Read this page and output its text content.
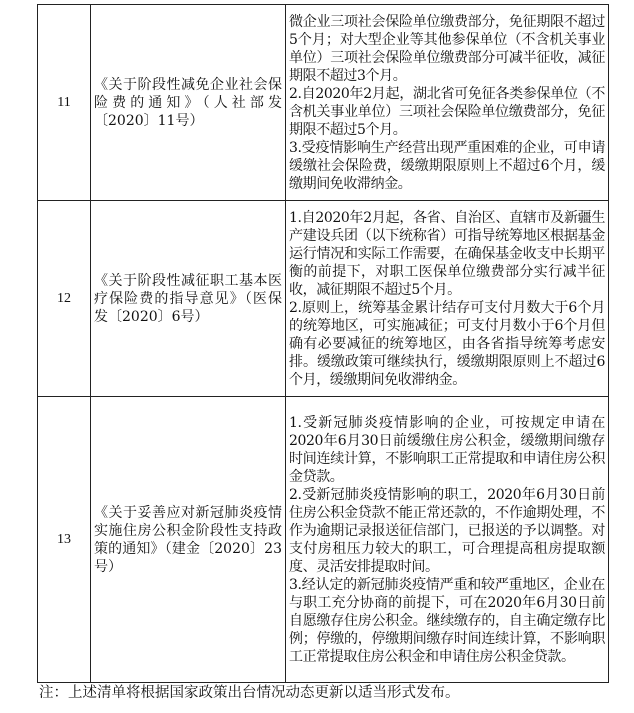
11	《关于阶段性减免企业社会保险费的通知》（人社部发〔2020〕11号）	微企业三项社会保险单位缴费部分，免征期限不超过5个月；对大型企业等其他参保单位（不含机关事业单位）三项社会保险单位缴费部分可减半征收，减征期限不超过3个月。

2.自2020年2月起，湖北省可免征各类参保单位（不含机关事业单位）三项社会保险单位缴费部分，免征期限不超过5个月。

3.受疫情影响生产经营出现严重困难的企业，可申请缓缴社会保险费，缓缴期限原则上不超过6个月，缓缴期间免收滞纳金。

12	《关于阶段性减征职工基本医疗保险费的指导意见》（医保发〔2020〕6号）	1.自2020年2月起，各省、自治区、直辖市及新疆生产建设兵团（以下统称省）可指导统筹地区根据基金运行情况和实际工作需要，在确保基金收支中长期平衡的前提下，对职工医保单位缴费部分实行减半征收，减征期限不超过5个月。

2.原则上，统筹基金累计结存可支付月数大于6个月的统筹地区，可实施减征；可支付月数小于6个月但确有必要减征的统筹地区，由各省指导统筹考虑安排。缓缴政策可继续执行，缓缴期限原则上不超过6个月，缓缴期间免收滞纳金。

13	《关于妥善应对新冠肺炎疫情实施住房公积金阶段性支持政策的通知》（建金〔2020〕23号）	1.受新冠肺炎疫情影响的企业，可按规定申请在2020年6月30日前缓缴住房公积金，缓缴期间缴存时间连续计算，不影响职工正常提取和申请住房公积金贷款。

2.受新冠肺炎疫情影响的职工，2020年6月30日前住房公积金贷款不能正常还款的，不作逾期处理，不作为逾期记录报送征信部门，已报送的予以调整。对支付房租压力较大的职工，可合理提高租房提取额度、灵活安排提取时间。

3.经认定的新冠肺炎疫情严重和较严重地区，企业在与职工充分协商的前提下，可在2020年6月30日前自愿缴存住房公积金。继续缴存的，自主确定缴存比例；停缴的，停缴期间缴存时间连续计算，不影响职工正常提取住房公积金和申请住房公积金贷款。

注：上述清单将根据国家政策出台情况动态更新以适当形式发布。
